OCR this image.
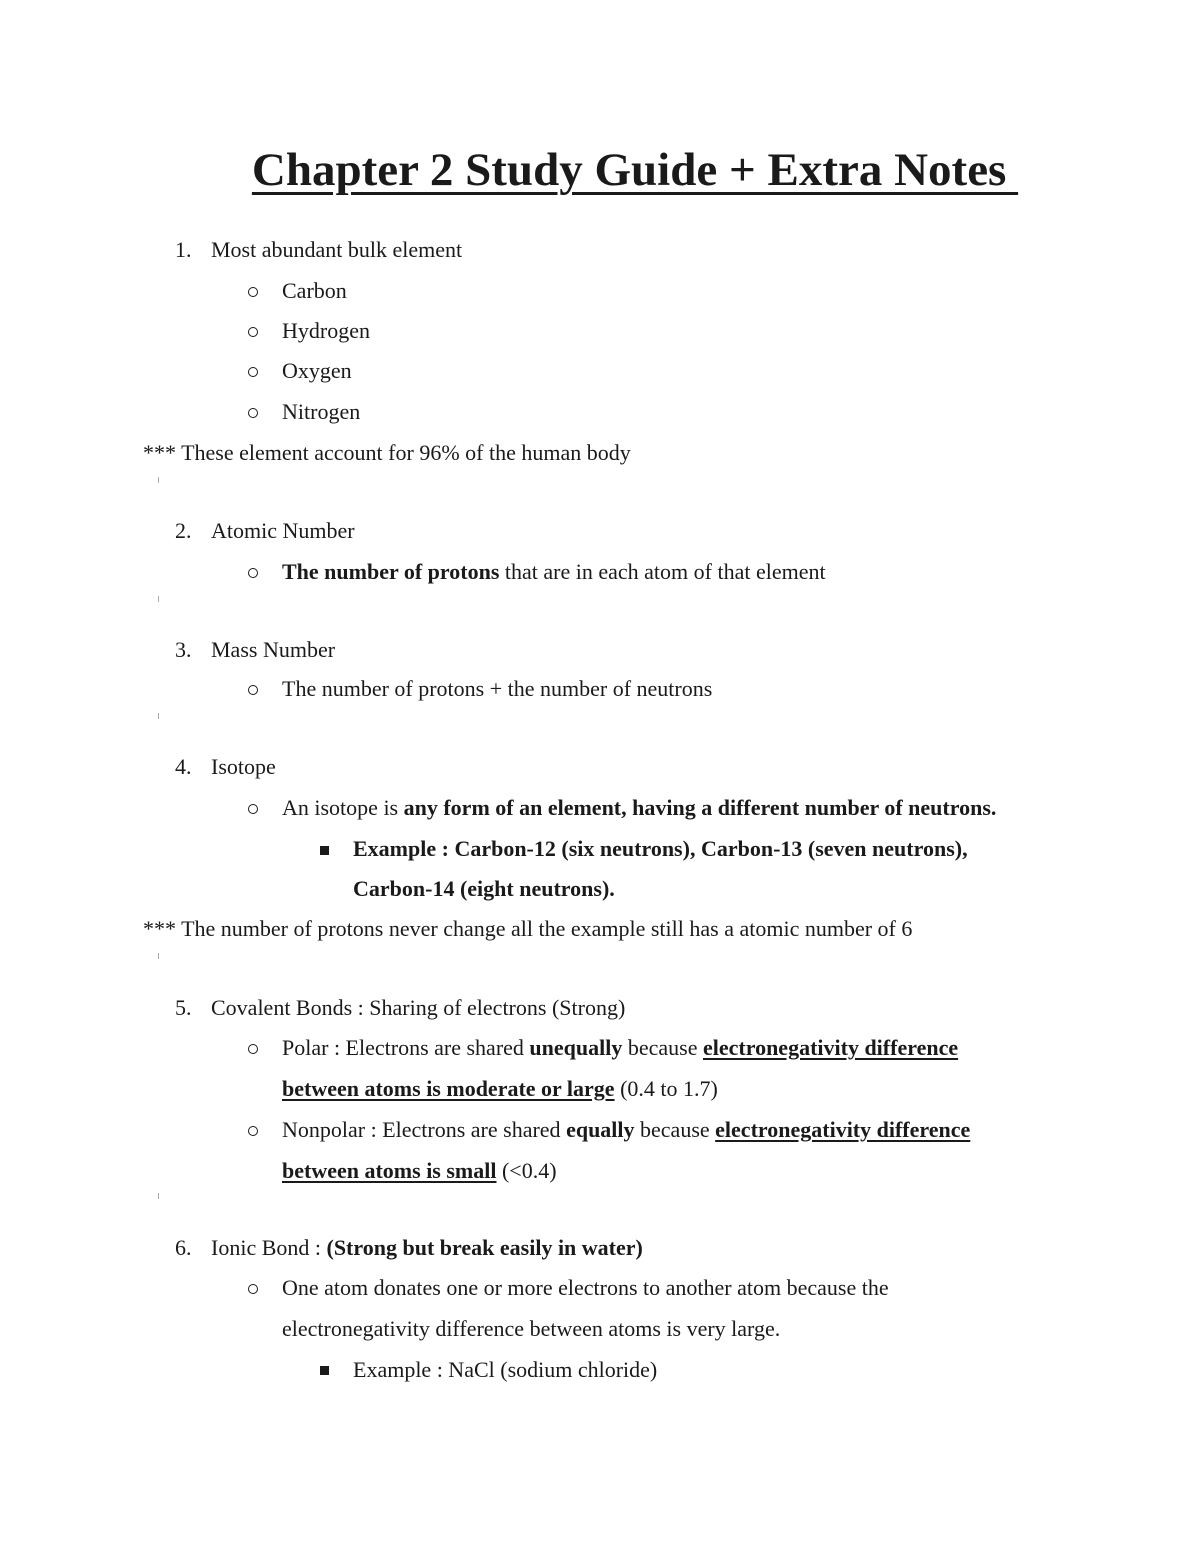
Chapter 2 Study Guide + Extra Notes
1. Most abundant bulk element
Carbon
Hydrogen
Oxygen
Nitrogen
*** These element account for 96% of the human body
2. Atomic Number
The number of protons that are in each atom of that element
3. Mass Number
The number of protons + the number of neutrons
4. Isotope
An isotope is any form of an element, having a different number of neutrons.
Example : Carbon-12 (six neutrons), Carbon-13 (seven neutrons),
Carbon-14 (eight neutrons).
*** The number of protons never change all the example still has a atomic number of 6
5. Covalent Bonds : Sharing of electrons (Strong)
Polar : Electrons are shared unequally because electronegativity difference
between atoms is moderate or large (0.4 to 1.7)
Nonpolar : Electrons are shared equally because electronegativity difference
between atoms is small (<0.4)
6. Ionic Bond : (Strong but break easily in water)
One atom donates one or more electrons to another atom because the
electronegativity difference between atoms is very large.
Example : NaCl (sodium chloride)
